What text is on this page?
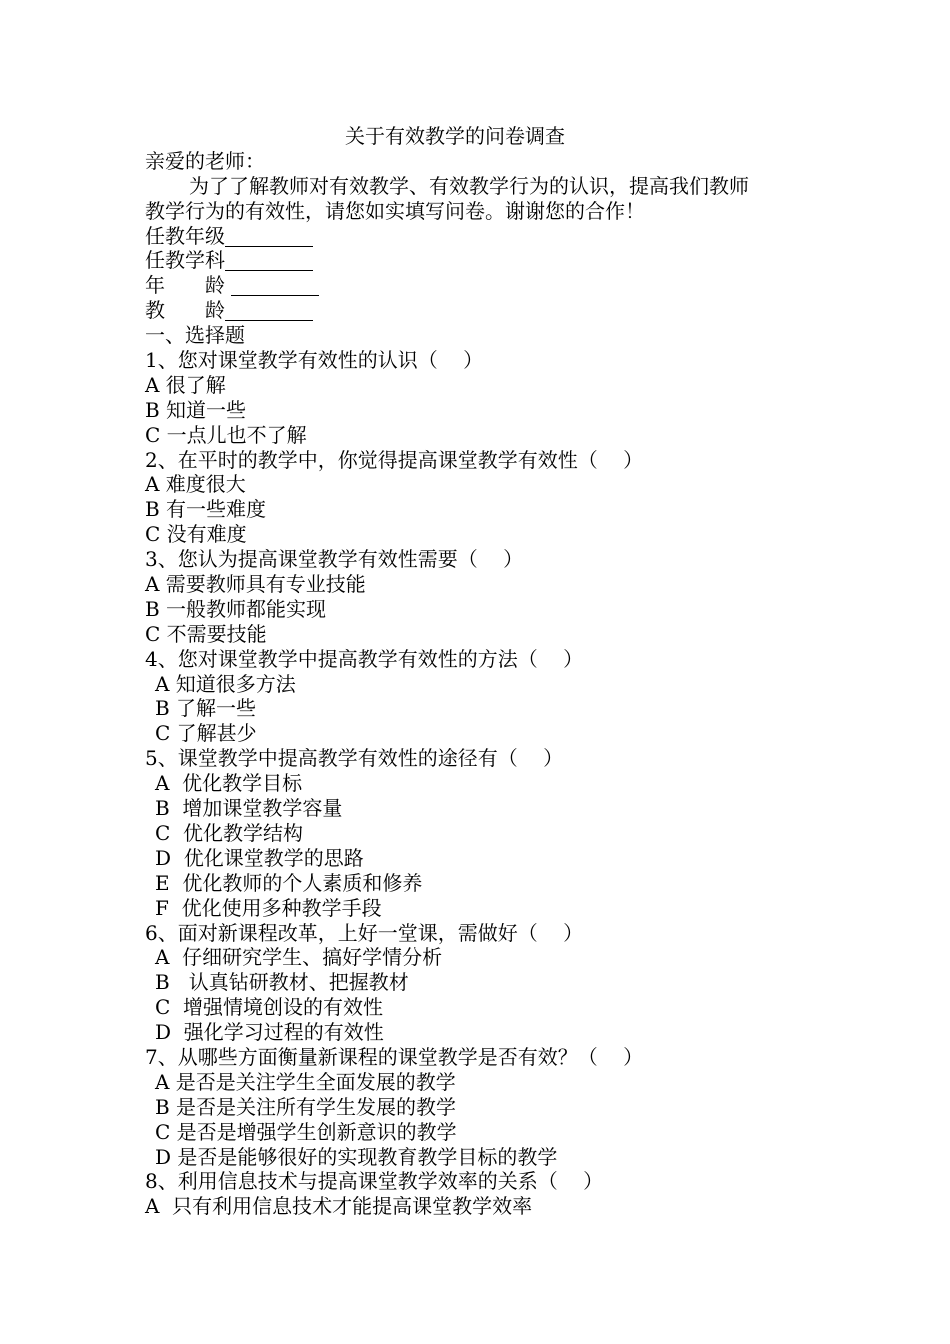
关于有效教学的问卷调查
亲爱的老师：
为了了解教师对有效教学、有效教学行为的认识，提高我们教师
教学行为的有效性，请您如实填写问卷。谢谢您的合作！
任教年级
任教学科
年　　龄
教　　龄
一、选择题
1、您对课堂教学有效性的认识（    ）
A 很了解
B 知道一些
C 一点儿也不了解
2、在平时的教学中，你觉得提高课堂教学有效性（    ）
A 难度很大
B 有一些难度
C 没有难度
3、您认为提高课堂教学有效性需要（    ）
A 需要教师具有专业技能
B 一般教师都能实现
C 不需要技能
4、您对课堂教学中提高教学有效性的方法（    ）
A 知道很多方法
B 了解一些
C 了解甚少
5、课堂教学中提高教学有效性的途径有（    ）
A  优化教学目标
B  增加课堂教学容量
C  优化教学结构
D  优化课堂教学的思路
E  优化教师的个人素质和修养
F  优化使用多种教学手段
6、面对新课程改革，上好一堂课，需做好（    ）
A  仔细研究学生、搞好学情分析
B   认真钻研教材、把握教材
C  增强情境创设的有效性
D  强化学习过程的有效性
7、从哪些方面衡量新课程的课堂教学是否有效？（    ）
A 是否是关注学生全面发展的教学
B 是否是关注所有学生发展的教学
C 是否是增强学生创新意识的教学
D 是否是能够很好的实现教育教学目标的教学
8、利用信息技术与提高课堂教学效率的关系（    ）
A  只有利用信息技术才能提高课堂教学效率
